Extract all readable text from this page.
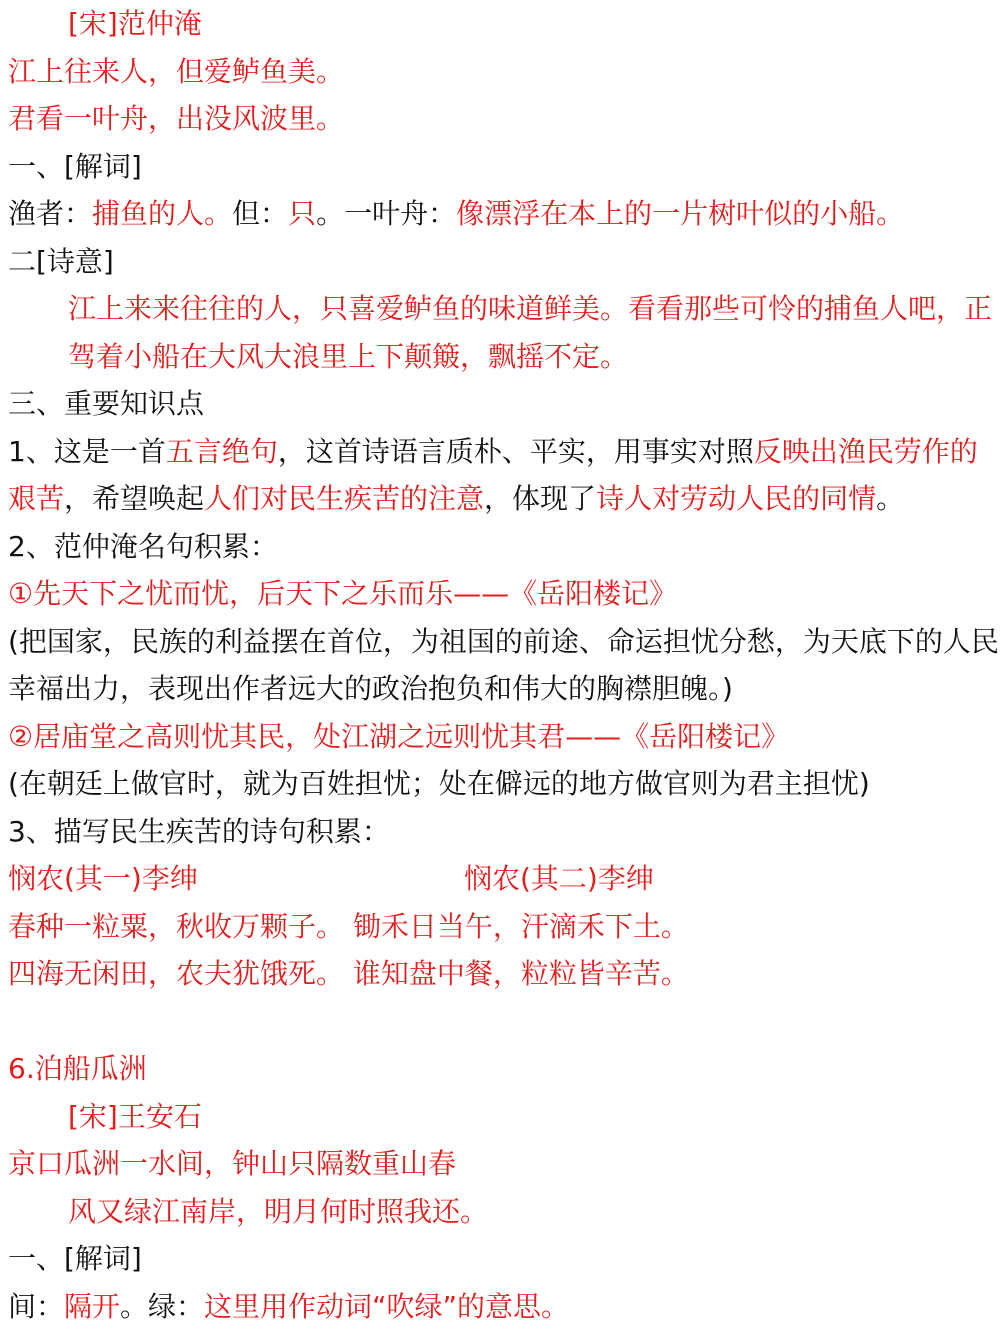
[宋]范仲淹
江上往来人，但爱鲈鱼美。
君看一叶舟，出没风波里。
一、[解词]
渔者：捕鱼的人。但：只。一叶舟：像漂浮在本上的一片树叶似的小船。
二[诗意]
江上来来往往的人，只喜爱鲈鱼的味道鲜美。看看那些可怜的捕鱼人吧，正驾着小船在大风大浪里上下颠簸，飘摇不定。
三、重要知识点
1、这是一首五言绝句，这首诗语言质朴、平实，用事实对照反映出渔民劳作的艰苦，希望唤起人们对民生疾苦的注意，体现了诗人对劳动人民的同情。
2、范仲淹名句积累：
①先天下之忧而忧，后天下之乐而乐——《岳阳楼记》
(把国家，民族的利益摆在首位，为祖国的前途、命运担忧分愁，为天底下的人民幸福出力，表现出作者远大的政治抱负和伟大的胸襟胆魄。)
②居庙堂之高则忧其民，处江湖之远则忧其君——《岳阳楼记》
(在朝廷上做官时，就为百姓担忧；处在僻远的地方做官则为君主担忧)
3、描写民生疾苦的诗句积累：
悯农(其一)李绅	悯农(其二)李绅
春种一粒粟，秋收万颗子。 锄禾日当午，汗滴禾下土。
四海无闲田，农夫犹饿死。 谁知盘中餐，粒粒皆辛苦。
6.泊船瓜洲
[宋]王安石
京口瓜洲一水间，钟山只隔数重山春
风又绿江南岸，明月何时照我还。
一、[解词]
间：隔开。绿：这里用作动词“吹绿”的意思。
